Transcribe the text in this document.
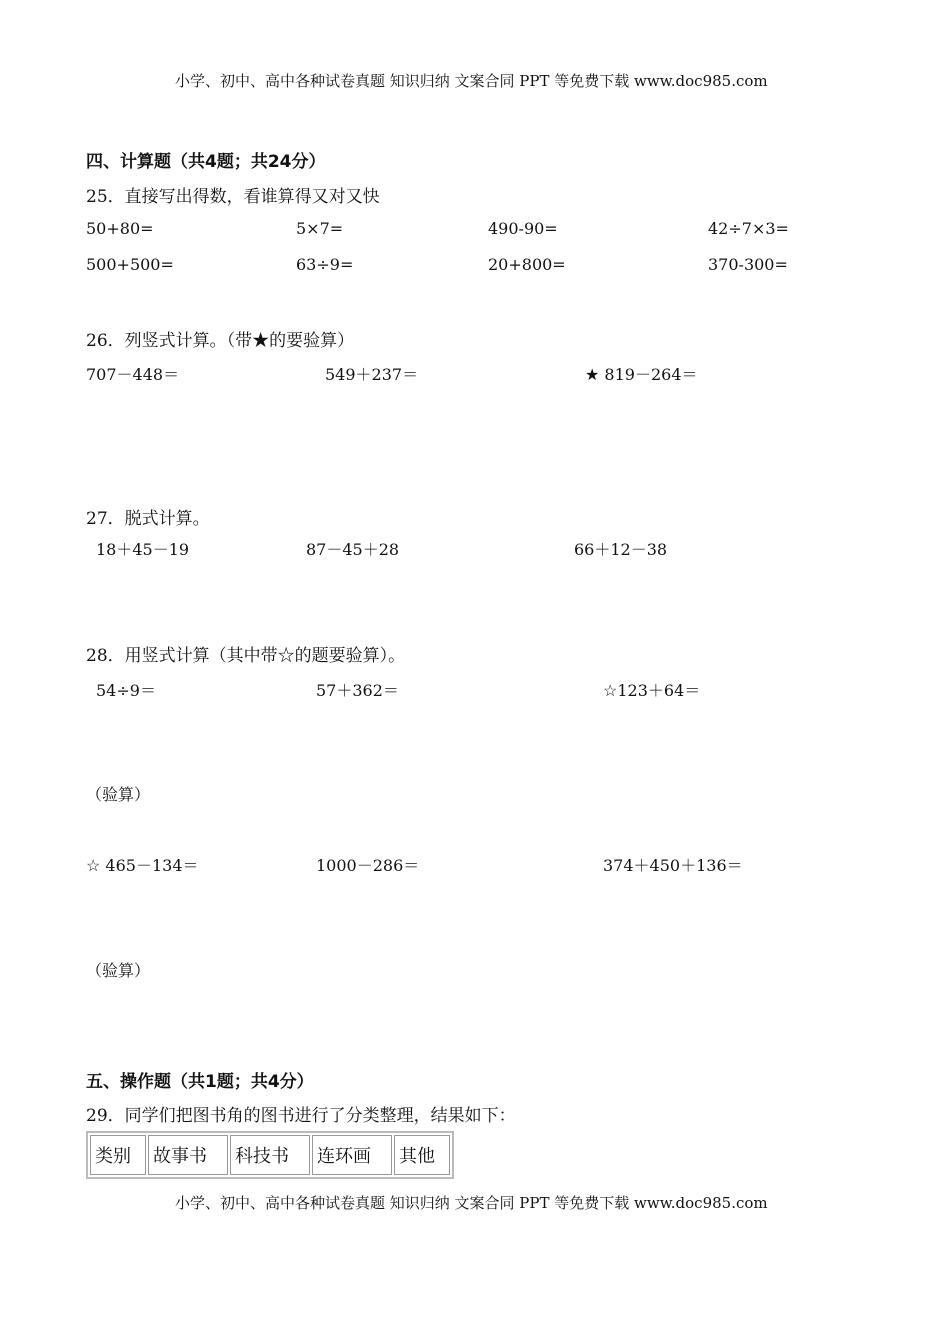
小学、初中、高中各种试卷真题 知识归纳 文案合同 PPT 等免费下载 www.doc985.com
四、计算题（共4题；共24分）
25．直接写出得数，看谁算得又对又快
50+80=	5×7=	490-90=	42÷7×3=
500+500=	63÷9=	20+800=	370-300=
26．列竖式计算。（带★的要验算）
707－448＝	549＋237＝	★ 819－264＝
27．脱式计算。
18＋45－19	87－45＋28	66＋12－38
28．用竖式计算（其中带☆的题要验算）。
54÷9＝	57＋362＝	☆123＋64＝
（验算）
☆ 465－134＝	1000－286＝	374＋450＋136＝
（验算）
五、操作题（共1题；共4分）
29．同学们把图书角的图书进行了分类整理，结果如下：
类别	故事书	科技书	连环画	其他
小学、初中、高中各种试卷真题 知识归纳 文案合同 PPT 等免费下载 www.doc985.com
